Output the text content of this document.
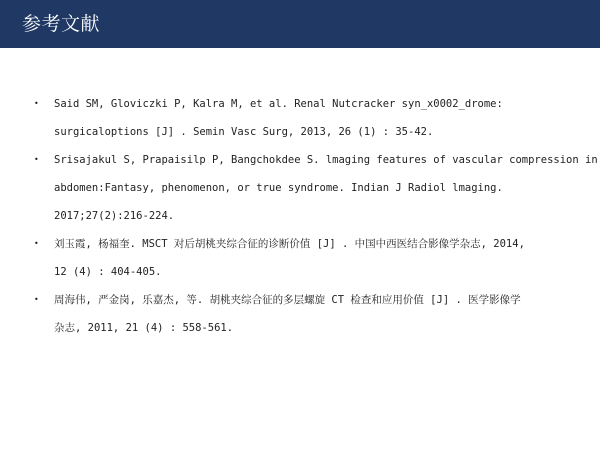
参考文献
• Said SM, Gloviczki P, Kalra M, et al. Renal Nutcracker syn_x0002_drome:
surgicaloptions [J] . Semin Vasc Surg, 2013, 26 (1) : 35-42.
• Srisajakul S, Prapaisilp P, Bangchokdee S. lmaging features of vascular compression in
abdomen:Fantasy, phenomenon, or true syndrome. Indian J Radiol lmaging.
2017;27(2):216-224.
• 刘玉霞, 杨福奎. MSCT 对后胡桃夹综合征的诊断价值 [J] . 中国中西医结合影像学杂志, 2014,
12 (4) : 404-405.
• 周海伟, 严金岗, 乐嘉杰, 等. 胡桃夹综合征的多层螺旋 CT 检查和应用价值 [J] . 医学影像学
杂志, 2011, 21 (4) : 558-561.
